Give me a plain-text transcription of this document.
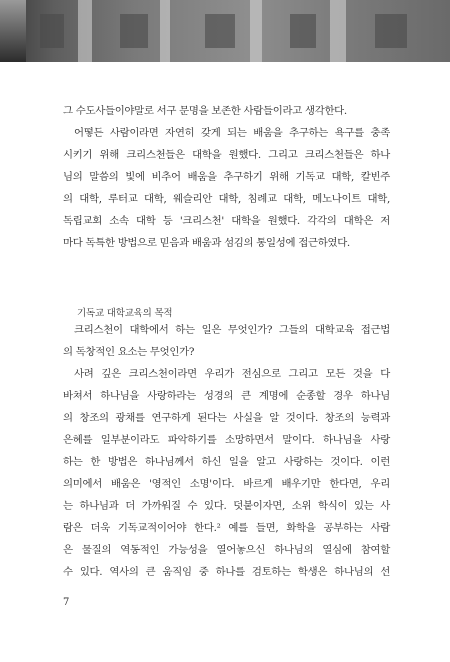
그 수도사들이야말로 서구 문명을 보존한 사람들이라고 생각한다.
어떻든 사람이라면 자연히 갖게 되는 배움을 추구하는 욕구를 충족
시키기 위해 크리스천들은 대학을 원했다. 그리고 크리스천들은 하나
님의 말씀의 빛에 비추어 배움을 추구하기 위해 기독교 대학, 칼빈주
의 대학, 루터교 대학, 웨슬리안 대학, 침례교 대학, 메노나이트 대학,
독립교회 소속 대학 등 '크리스천' 대학을 원했다. 각각의 대학은 저
마다 독특한 방법으로 믿음과 배움과 섬김의 통일성에 접근하였다.
기독교 대학교육의 목적
크리스천이 대학에서 하는 일은 무엇인가? 그들의 대학교육 접근법
의 독창적인 요소는 무엇인가?
사려 깊은 크리스천이라면 우리가 전심으로 그리고 모든 것을 다
바쳐서 하나님을 사랑하라는 성경의 큰 계명에 순종할 경우 하나님
의 창조의 광채를 연구하게 된다는 사실을 알 것이다. 창조의 능력과
은혜를 일부분이라도 파악하기를 소망하면서 말이다. 하나님을 사랑
하는 한 방법은 하나님께서 하신 일을 알고 사랑하는 것이다. 이런
의미에서 배움은 '영적인 소명'이다. 바르게 배우기만 한다면, 우리
는 하나님과 더 가까워질 수 있다. 덧붙이자면, 소위 학식이 있는 사
람은 더욱 기독교적이어야 한다.² 예를 들면, 화학을 공부하는 사람
은 물질의 역동적인 가능성을 열어놓으신 하나님의 열심에 참여할
수 있다. 역사의 큰 움직임 중 하나를 검토하는 학생은 하나님의 선
7
